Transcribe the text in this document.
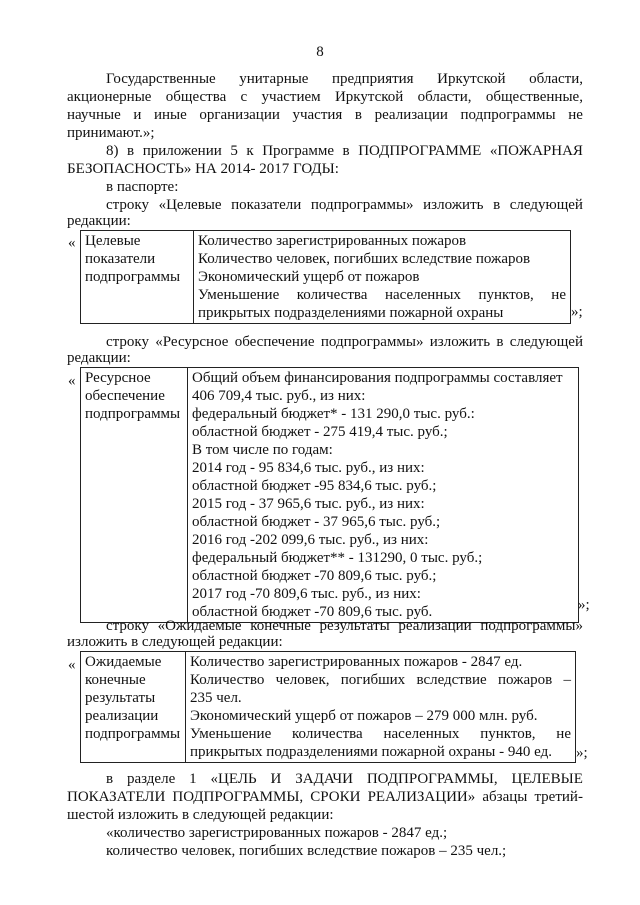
8
Государственные унитарные предприятия Иркутской области,
акционерные общества с участием Иркутской области, общественные,
научные и иные организации участия в реализации подпрограммы не
принимают.»;
8) в приложении 5 к Программе в ПОДПРОГРАММЕ «ПОЖАРНАЯ
БЕЗОПАСНОСТЬ» НА 2014- 2017 ГОДЫ:
в паспорте:
строку «Целевые показатели подпрограммы» изложить в следующей
редакции:
« Целевые
показатели
подпрограммы

Количество зарегистрированных пожаров
Количество человек, погибших вследствие пожаров
Экономический ущерб от пожаров
Уменьшение количества населенных пунктов, не
прикрытых подразделениями пожарной охраны	»;
строку «Ресурсное обеспечение подпрограммы» изложить в следующей
редакции:
« Ресурсное
обеспечение
подпрограммы

Общий объем финансирования подпрограммы составляет
406 709,4 тыс. руб., из них:
федеральный бюджет* - 131 290,0 тыс. руб.:
областной бюджет - 275 419,4 тыс. руб.;
В том числе по годам:
2014 год - 95 834,6 тыс. руб., из них:
областной бюджет -95 834,6 тыс. руб.;
2015 год - 37 965,6 тыс. руб., из них:
областной бюджет - 37 965,6 тыс. руб.;
2016 год -202 099,6 тыс. руб., из них:
федеральный бюджет** - 131290, 0 тыс. руб.;
областной бюджет -70 809,6 тыс. руб.;
2017 год -70 809,6 тыс. руб., из них:
областной бюджет -70 809,6 тыс. руб.	»;
строку «Ожидаемые конечные результаты реализации подпрограммы»
изложить в следующей редакции:
« Ожидаемые
конечные
результаты
реализации
подпрограммы

Количество зарегистрированных пожаров - 2847 ед.
Количество человек, погибших вследствие пожаров –
235 чел.
Экономический ущерб от пожаров – 279 000 млн. руб.
Уменьшение количества населенных пунктов, не
прикрытых подразделениями пожарной охраны - 940 ед.	»;
в разделе 1 «ЦЕЛЬ И ЗАДАЧИ ПОДПРОГРАММЫ, ЦЕЛЕВЫЕ
ПОКАЗАТЕЛИ ПОДПРОГРАММЫ, СРОКИ РЕАЛИЗАЦИИ» абзацы третий-
шестой изложить в следующей редакции:
«количество зарегистрированных пожаров - 2847 ед.;
количество человек, погибших вследствие пожаров – 235 чел.;
